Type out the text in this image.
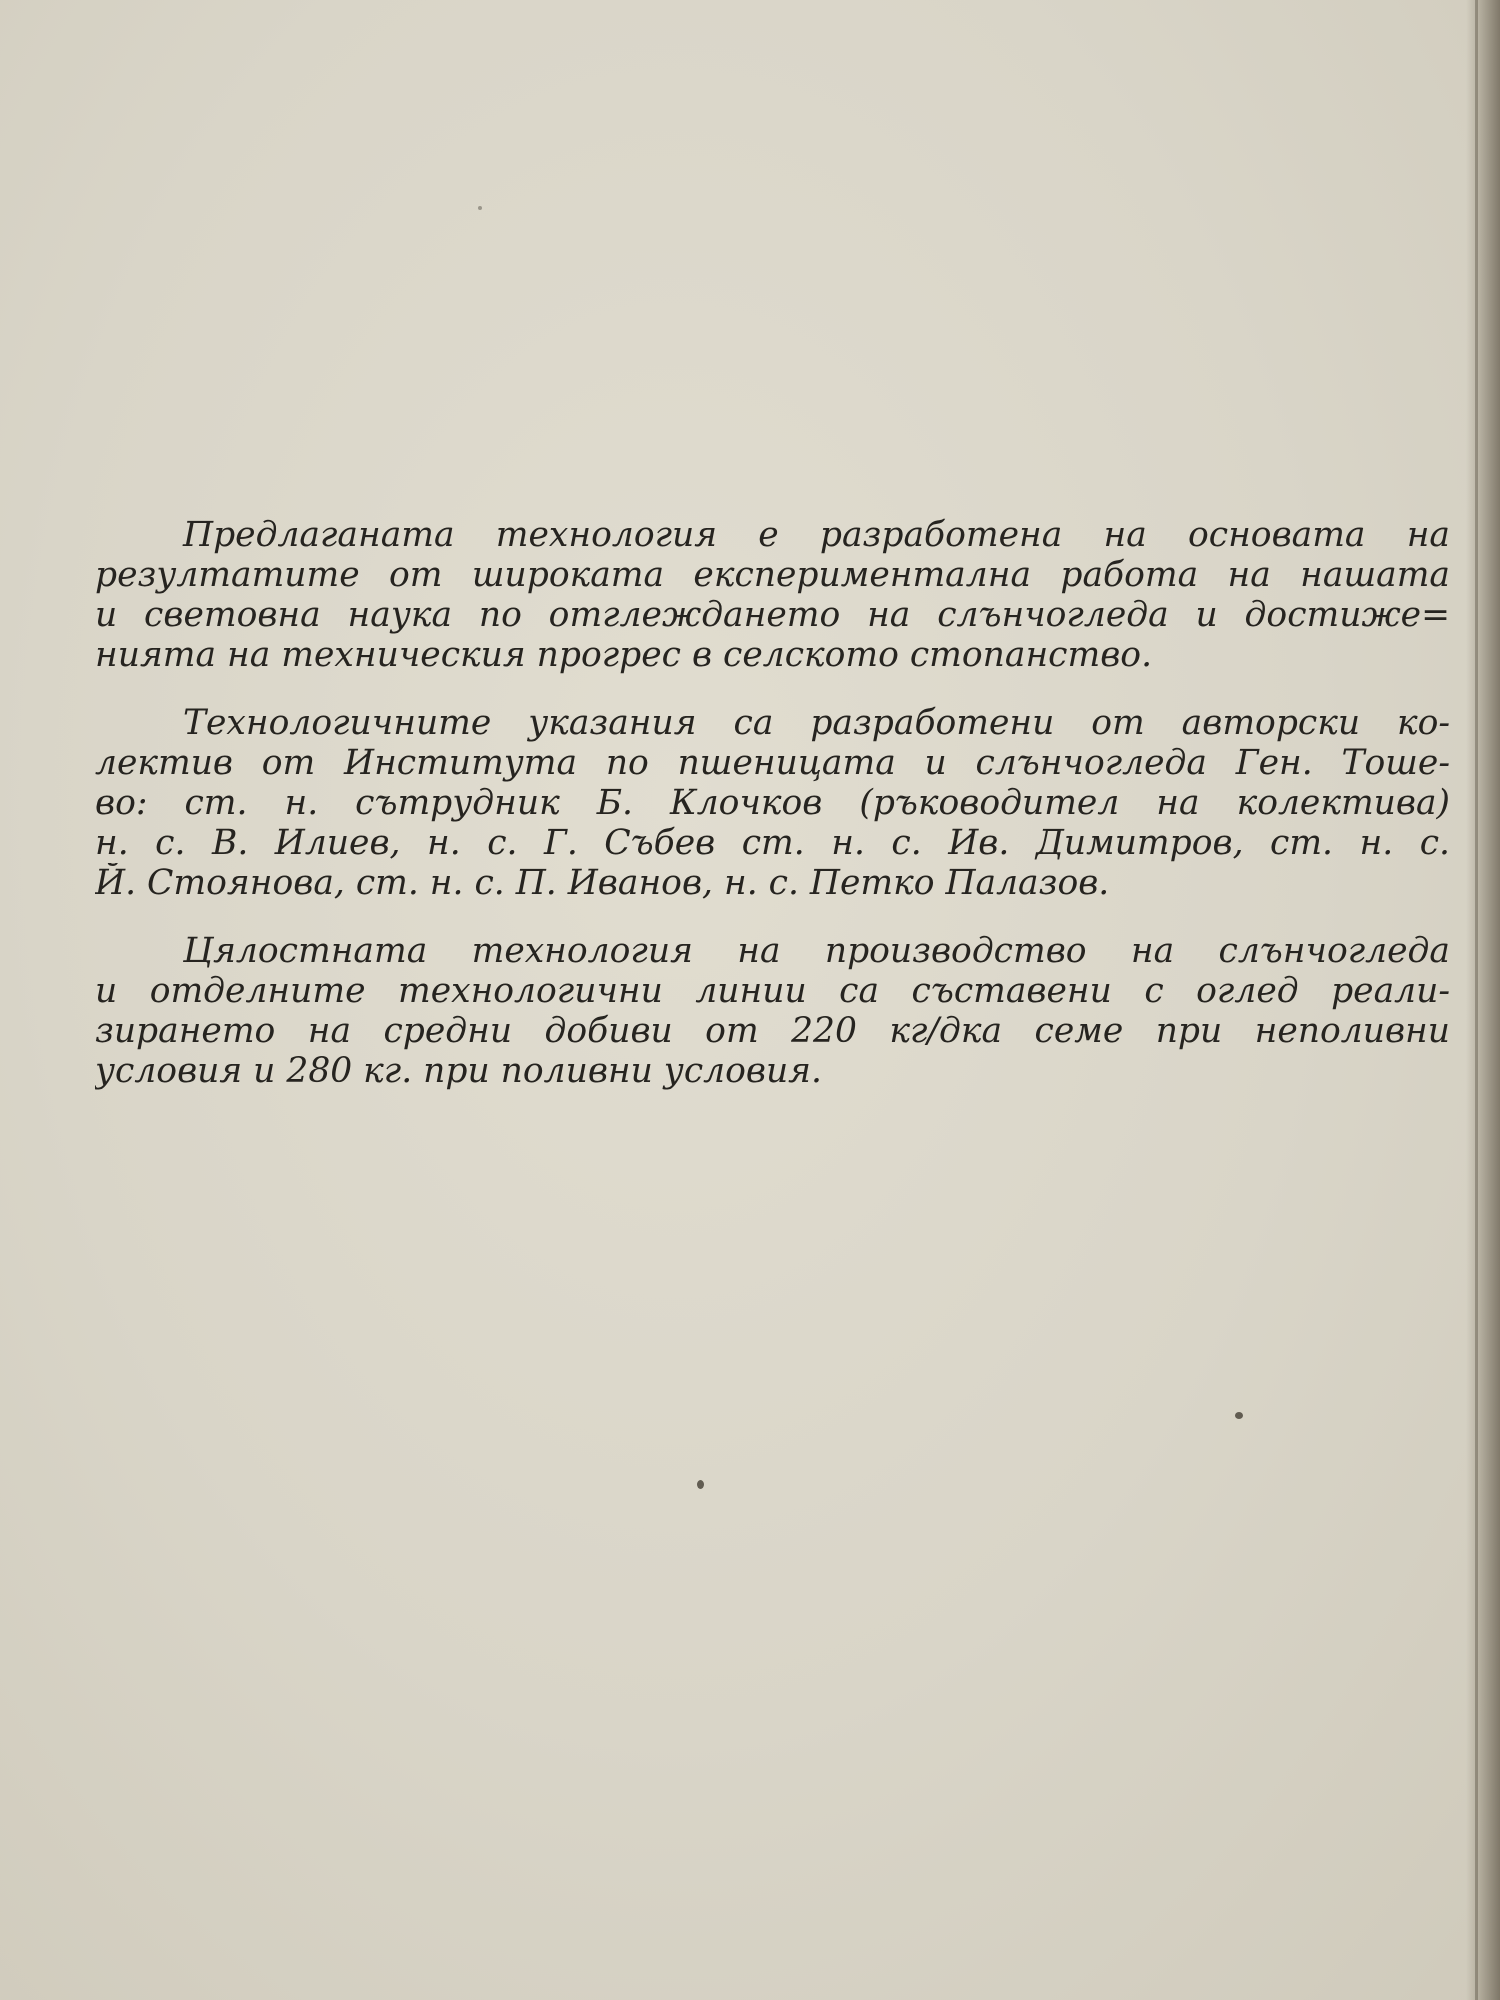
Предлаганата технология е разработена на основата на
резултатите от широката експериментална работа на нашата
и световна наука по отглеждането на слънчогледа и достиже=
нията на техническия прогрес в селското стопанство.
Технологичните указания са разработени от авторски ко-
лектив от Института по пшеницата и слънчогледа Ген. Тоше-
во: ст. н. сътрудник Б. Клочков (ръководител на колектива)
н. с. В. Илиев, н. с. Г. Събев ст. н. с. Ив. Димитров, ст. н. с.
Й. Стоянова, ст. н. с. П. Иванов, н. с. Петко Палазов.
Цялостната технология на производство на слънчогледа
и отделните технологични линии са съставени с оглед реали-
зирането на средни добиви от 220 кг/дка семе при неполивни
условия и 280 кг. при поливни условия.
